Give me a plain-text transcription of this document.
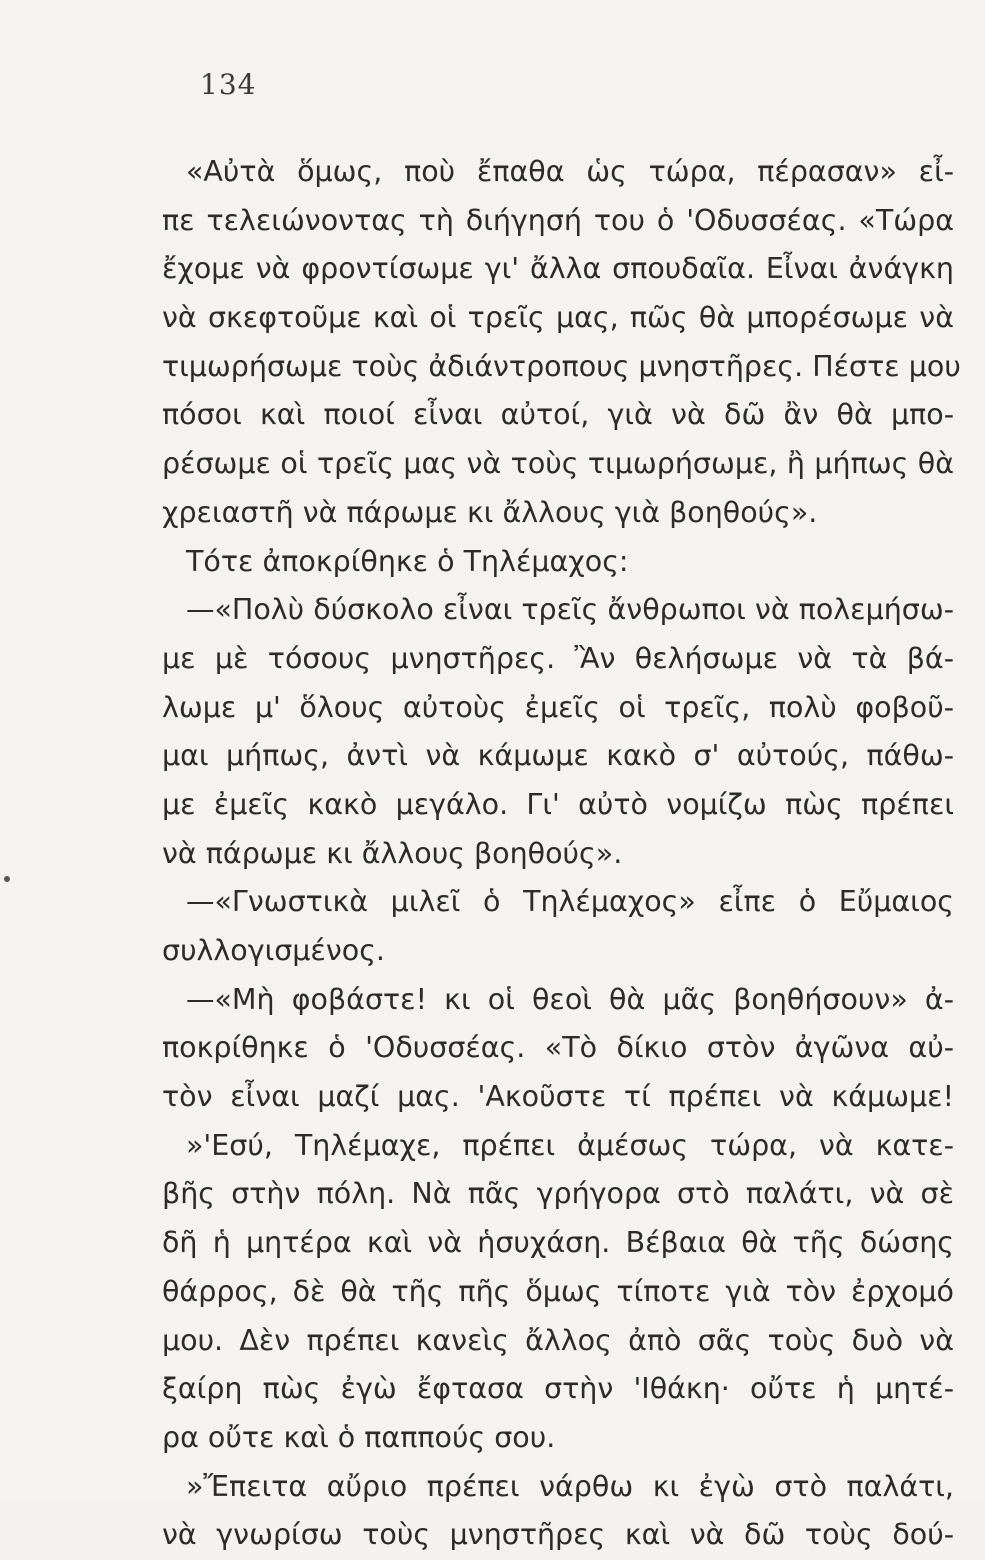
134
«Αὐτὰ ὅμως, ποὺ ἔπαθα ὡς τώρα, πέρασαν» εἶ-
πε τελειώνοντας τὴ διήγησή του ὁ 'Οδυσσέας. «Τώρα
ἔχομε νὰ φροντίσωμε γι' ἄλλα σπουδαῖα. Εἶναι ἀνάγκη
νὰ σκεφτοῦμε καὶ οἱ τρεῖς μας, πῶς θὰ μπορέσωμε νὰ
τιμωρήσωμε τοὺς ἀδιάντροπους μνηστῆρες. Πέστε μου
πόσοι καὶ ποιοί εἶναι αὐτοί, γιὰ νὰ δῶ ἂν θὰ μπο-
ρέσωμε οἱ τρεῖς μας νὰ τοὺς τιμωρήσωμε, ἢ μήπως θὰ
χρειαστῆ νὰ πάρωμε κι ἄλλους γιὰ βοηθούς».
Τότε ἀποκρίθηκε ὁ Τηλέμαχος:
—«Πολὺ δύσκολο εἶναι τρεῖς ἄνθρωποι νὰ πολεμήσω-
με μὲ τόσους μνηστῆρες. Ἂν θελήσωμε νὰ τὰ βά-
λωμε μ' ὅλους αὐτοὺς ἐμεῖς οἱ τρεῖς, πολὺ φοβοῦ-
μαι μήπως, ἀντὶ νὰ κάμωμε κακὸ σ' αὐτούς, πάθω-
με ἐμεῖς κακὸ μεγάλο. Γι' αὐτὸ νομίζω πὼς πρέπει
νὰ πάρωμε κι ἄλλους βοηθούς».
—«Γνωστικὰ μιλεῖ ὁ Τηλέμαχος» εἶπε ὁ Εὔμαιος
συλλογισμένος.
—«Μὴ φοβάστε! κι οἱ θεοὶ θὰ μᾶς βοηθήσουν» ἀ-
ποκρίθηκε ὁ 'Οδυσσέας. «Τὸ δίκιο στὸν ἀγῶνα αὐ-
τὸν εἶναι μαζί μας. 'Ακοῦστε τί πρέπει νὰ κάμωμε!
»'Εσύ, Τηλέμαχε, πρέπει ἀμέσως τώρα, νὰ κατε-
βῆς στὴν πόλη. Νὰ πᾶς γρήγορα στὸ παλάτι, νὰ σὲ
δῆ ἡ μητέρα καὶ νὰ ἡσυχάση. Βέβαια θὰ τῆς δώσης
θάρρος, δὲ θὰ τῆς πῆς ὅμως τίποτε γιὰ τὸν ἐρχομό
μου. Δὲν πρέπει κανεὶς ἄλλος ἀπὸ σᾶς τοὺς δυὸ νὰ
ξαίρη πὼς ἐγὼ ἔφτασα στὴν 'Ιθάκη· οὔτε ἡ μητέ-
ρα οὔτε καὶ ὁ παππούς σου.
»Ἔπειτα αὔριο πρέπει νάρθω κι ἐγὼ στὸ παλάτι,
νὰ γνωρίσω τοὺς μνηστῆρες καὶ νὰ δῶ τοὺς δού-
